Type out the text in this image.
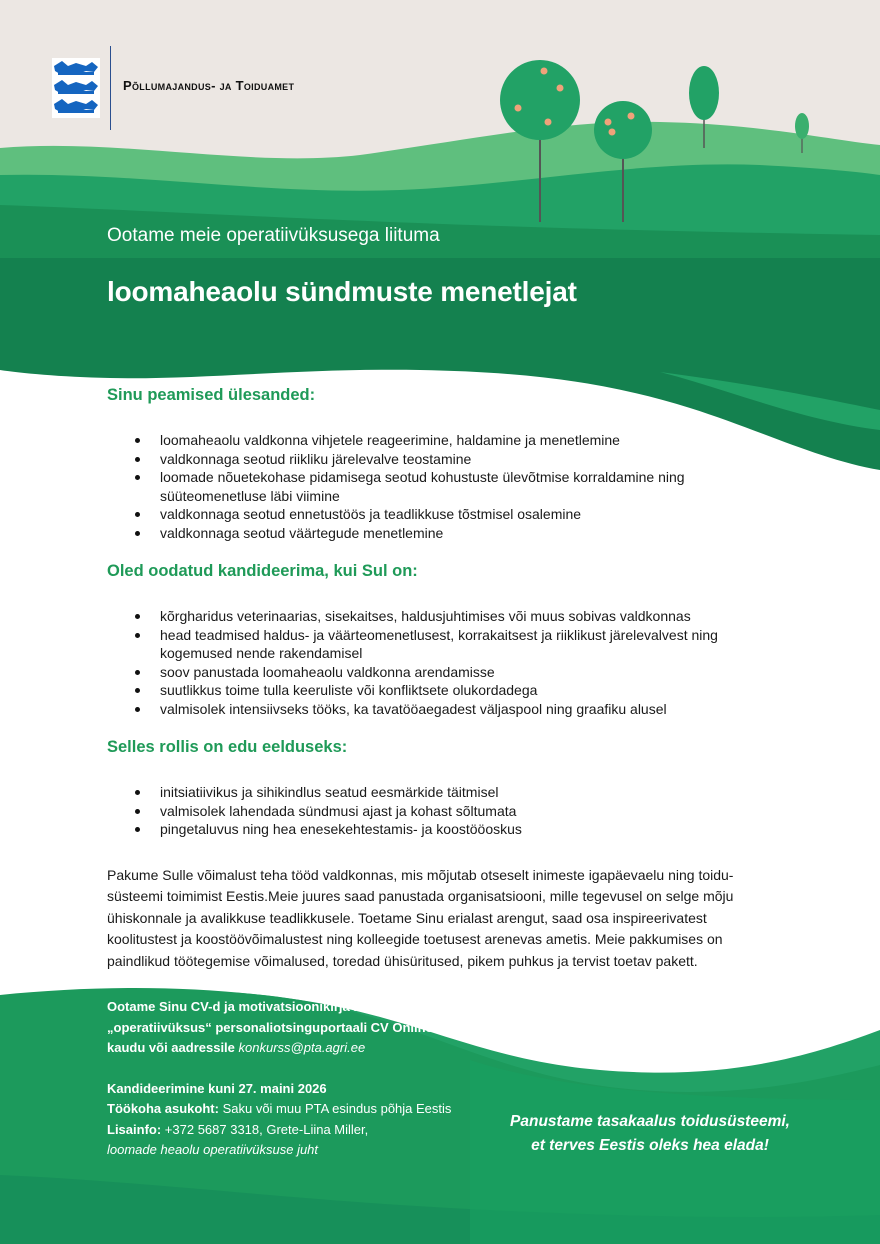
Põllumajandus- ja Toiduamet
Ootame meie operatiivüksusega liituma
loomaheaolu sündmuste menetlejat
Sinu peamised ülesanded:
loomaheaolu valdkonna vihjetele reageerimine, haldamine ja menetlemine
valdkonnaga seotud riikliku järelevalve teostamine
loomade nõuetekohase pidamisega seotud kohustuste ülevõtmise korraldamine ning süüteomenetluse läbi viimine
valdkonnaga seotud ennetustöös ja teadlikkuse tõstmisel osalemine
valdkonnaga seotud väärtegude menetlemine
Oled oodatud kandideerima, kui Sul on:
kõrgharidus veterinaarias, sisekaitses, haldusjuhtimises või muus sobivas valdkonnas
head teadmised haldus- ja väärteomenetlusest, korrakaitsest ja riiklikust järelevalvest ning kogemused nende rakendamisel
soov panustada loomaheaolu valdkonna arendamisse
suutlikkus toime tulla keeruliste või konfliktsete olukordadega
valmisolek intensiivseks tööks, ka tavatööaegadest väljaspool ning graafiku alusel
Selles rollis on edu eelduseks:
initsiatiivikus ja sihikindlus seatud eesmärkide täitmisel
valmisolek lahendada sündmusi ajast ja kohast sõltumata
pingetaluvus ning hea enesekehtestamis- ja koostööoskus
Pakume Sulle võimalust teha tööd valdkonnas, mis mõjutab otseselt inimeste igapäevaelu ning toidu-süsteemi toimimist Eestis.Meie juures saad panustada organisatsiooni, mille tegevusel on selge mõju ühiskonnale ja avalikkuse teadlikkusele. Toetame Sinu erialast arengut, saad osa inspireerivatest koolitustest ja koostöövõimalustest ning kolleegide toetusest arenevas ametis. Meie pakkumises on paindlikud töötegemise võimalused, toredad ühisüritused, pikem puhkus ja tervist toetav pakett.
Ootame Sinu CV-d ja motivatsioonikirja märksõnaga
„operatiivüksus“ personaliotsinguportaali CV Online
kaudu või aadressile konkurss@pta.agri.ee
Kandideerimine kuni 27. maini 2026
Töökoha asukoht: Saku või muu PTA esindus põhja Eestis
Lisainfo: +372 5687 3318, Grete-Liina Miller,
loomade heaolu operatiivüksuse juht
Panustame tasakaalus toidusüsteemi,
et terves Eestis oleks hea elada!
